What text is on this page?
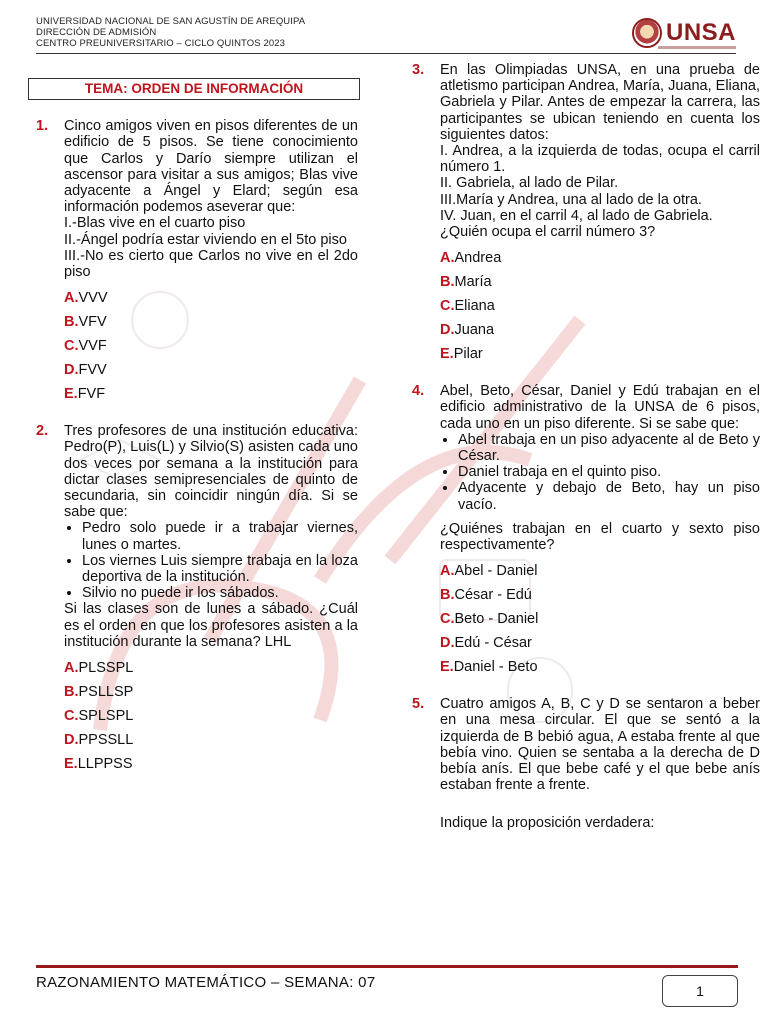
UNIVERSIDAD NACIONAL DE SAN AGUSTÍN DE AREQUIPA
DIRECCIÓN DE ADMISIÓN
CENTRO PREUNIVERSITARIO – CICLO QUINTOS 2023	UNSA
TEMA: ORDEN DE INFORMACIÓN
1. Cinco amigos viven en pisos diferentes de un edificio de 5 pisos. Se tiene conocimiento que Carlos y Darío siempre utilizan el ascensor para visitar a sus amigos; Blas vive adyacente a Ángel y Elard; según esa información podemos aseverar que:

I.-Blas vive en el cuarto piso

II.-Ángel podría estar viviendo en el 5to piso

III.-No es cierto que Carlos no vive en el 2do piso

A.VVV
B.VFV
C.VVF
D.FVV
E.FVF
2. Tres profesores de una institución educativa: Pedro(P), Luis(L) y Silvio(S) asisten cada uno dos veces por semana a la institución para dictar clases semipresenciales de quinto de secundaria, sin coincidir ningún día. Si se sabe que:

• Pedro solo puede ir a trabajar viernes, lunes o martes.
• Los viernes Luis siempre trabaja en la loza deportiva de la institución.
• Silvio no puede ir los sábados.

Si las clases son de lunes a sábado. ¿Cuál es el orden en que los profesores asisten a la institución durante la semana? LHL

A.PLSSPL
B.PSLLSP
C.SPLSPL
D.PPSSLL
E.LLPPSS
3. En las Olimpiadas UNSA, en una prueba de atletismo participan Andrea, María, Juana, Eliana, Gabriela y Pilar. Antes de empezar la carrera, las participantes se ubican teniendo en cuenta los siguientes datos:

I. Andrea, a la izquierda de todas, ocupa el carril número 1.

II. Gabriela, al lado de Pilar.

III.María y Andrea, una al lado de la otra.

IV. Juan, en el carril 4, al lado de Gabriela.

¿Quién ocupa el carril número 3?

A.Andrea
B.María
C.Eliana
D.Juana
E.Pilar
4. Abel, Beto, César, Daniel y Edú trabajan en el edificio administrativo de la UNSA de 6 pisos, cada uno en un piso diferente. Si se sabe que:

• Abel trabaja en un piso adyacente al de Beto y César.
• Daniel trabaja en el quinto piso.
• Adyacente y debajo de Beto, hay un piso vacío.

¿Quiénes trabajan en el cuarto y sexto piso respectivamente?

A.Abel - Daniel
B.César - Edú
C.Beto - Daniel
D.Edú - César
E.Daniel - Beto
5. Cuatro amigos A, B, C y D se sentaron a beber en una mesa circular. El que se sentó a la izquierda de B bebió agua, A estaba frente al que bebía vino. Quien se sentaba a la derecha de D bebía anís. El que bebe café y el que bebe anís estaban frente a frente.

Indique la proposición verdadera:

RAZONAMIENTO MATEMÁTICO – SEMANA: 07	1
